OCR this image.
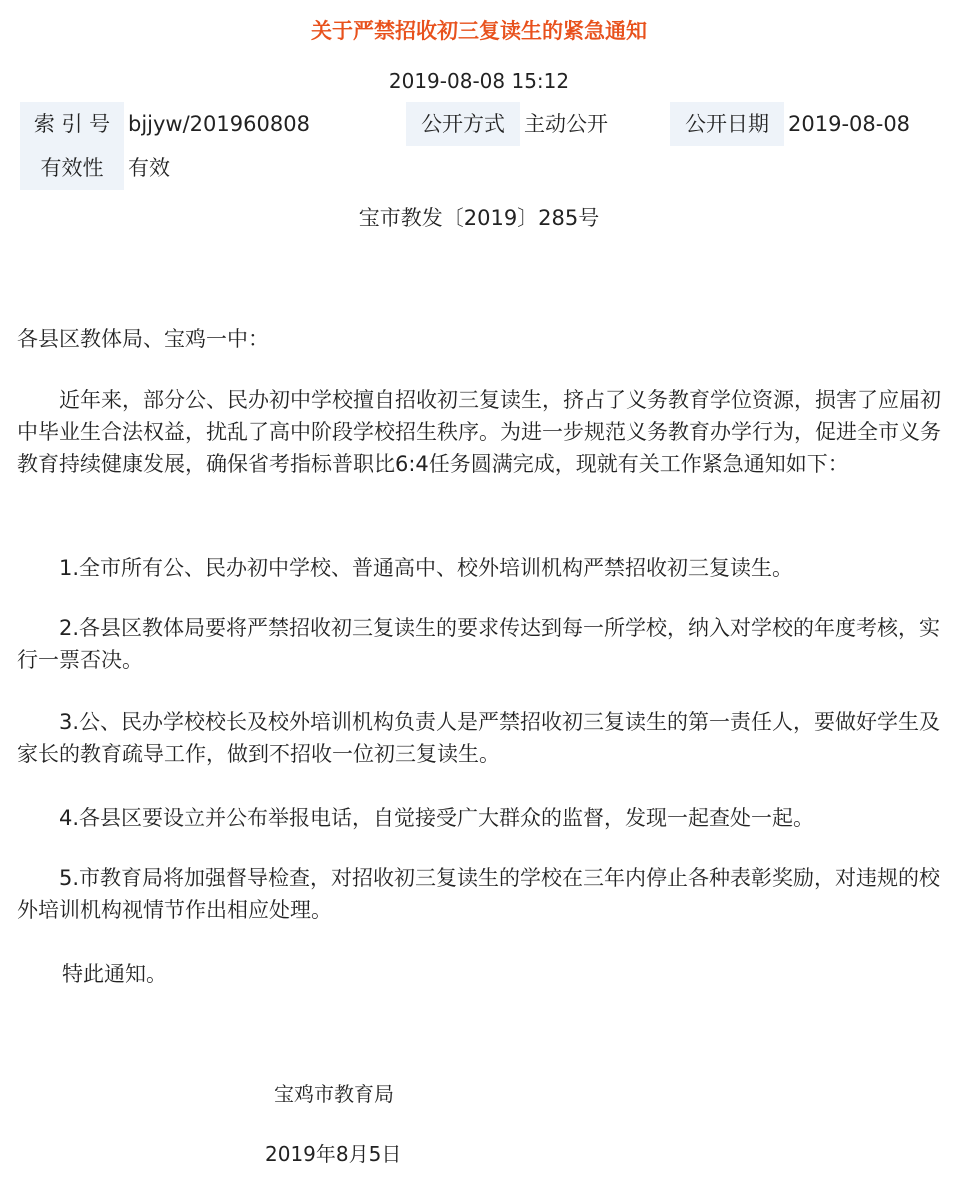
关于严禁招收初三复读生的紧急通知
2019-08-08 15:12
索 引 号 bjjyw/201960808	公开方式 主动公开	公开日期 2019-08-08
有效性	有效
宝市教发〔2019〕285号
各县区教体局、宝鸡一中：

近年来，部分公、民办初中学校擅自招收初三复读生，挤占了义务教育学位资源，损害了应届初中毕业生合法权益，扰乱了高中阶段学校招生秩序。为进一步规范义务教育办学行为，促进全市义务教育持续健康发展，确保省考指标普职比6:4任务圆满完成，现就有关工作紧急通知如下：

1.全市所有公、民办初中学校、普通高中、校外培训机构严禁招收初三复读生。

2.各县区教体局要将严禁招收初三复读生的要求传达到每一所学校，纳入对学校的年度考核，实行一票否决。

3.公、民办学校校长及校外培训机构负责人是严禁招收初三复读生的第一责任人，要做好学生及家长的教育疏导工作，做到不招收一位初三复读生。

4.各县区要设立并公布举报电话，自觉接受广大群众的监督，发现一起查处一起。

5.市教育局将加强督导检查，对招收初三复读生的学校在三年内停止各种表彰奖励，对违规的校外培训机构视情节作出相应处理。

特此通知。
宝鸡市教育局
2019年8月5日
